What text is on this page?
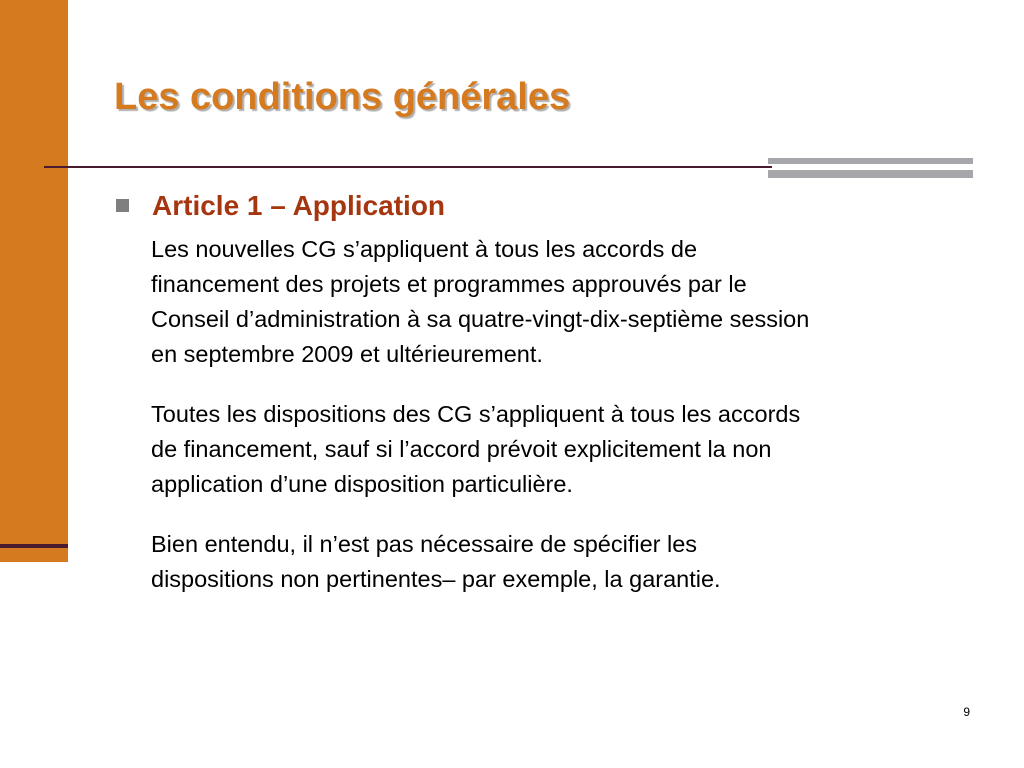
Les conditions générales
Article 1 – Application

Les nouvelles CG s’appliquent à tous les accords de
financement des projets et programmes approuvés par le
Conseil d’administration à sa quatre-vingt-dix-septième session
en septembre 2009 et ultérieurement.

Toutes les dispositions des CG s’appliquent à tous les accords
de financement, sauf si l’accord prévoit explicitement la non
application d’une disposition particulière.

Bien entendu, il n’est pas nécessaire de spécifier les
dispositions non pertinentes– par exemple, la garantie.

9
